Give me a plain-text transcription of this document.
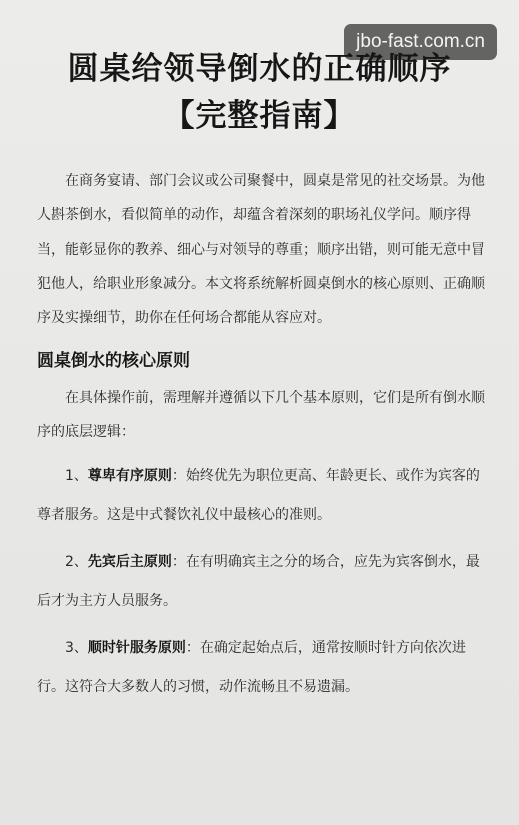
jbo-fast.com.cn
圆桌给领导倒水的正确顺序
【完整指南】

在商务宴请、部门会议或公司聚餐中，圆桌是常见的社交场景。为他人斟茶倒水，看似简单的动作，却蕴含着深刻的职场礼仪学问。顺序得当，能彰显你的教养、细心与对领导的尊重；顺序出错，则可能无意中冒犯他人，给职业形象减分。本文将系统解析圆桌倒水的核心原则、正确顺序及实操细节，助你在任何场合都能从容应对。

圆桌倒水的核心原则

在具体操作前，需理解并遵循以下几个基本原则，它们是所有倒水顺序的底层逻辑：

1、尊卑有序原则：始终优先为职位更高、年龄更长、或作为宾客的尊者服务。这是中式餐饮礼仪中最核心的准则。

2、先宾后主原则：在有明确宾主之分的场合，应先为宾客倒水，最后才为主方人员服务。

3、顺时针服务原则：在确定起始点后，通常按顺时针方向依次进行。这符合大多数人的习惯，动作流畅且不易遗漏。
